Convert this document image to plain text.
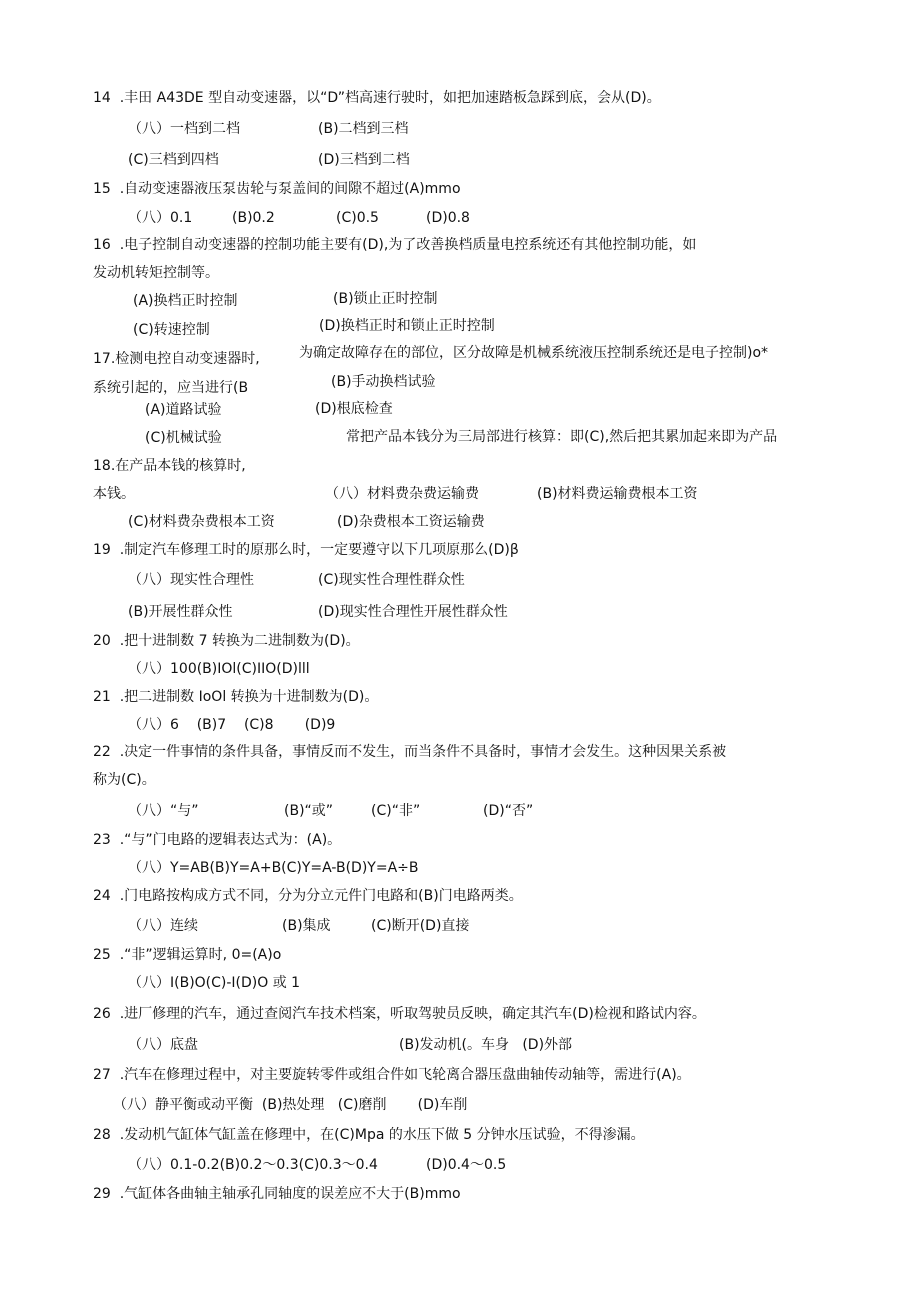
14  .丰田 A43DE 型自动变速器，以“D”档高速行驶时，如把加速踏板急踩到底，会从(D)。
（八）一档到二档	(B)二档到三档
(C)三档到四档	(D)三档到二档
15  .自动变速器液压泵齿轮与泵盖间的间隙不超过(A)mmo
（八）0.1	(B)0.2	(C)0.5	(D)0.8
16  .电子控制自动变速器的控制功能主要有(D),为了改善换档质量电控系统还有其他控制功能，如
发动机转矩控制等。
(A)换档正时控制	(B)锁止正时控制
(C)转速控制	(D)换档正时和锁止正时控制
17.检测电控自动变速器时,	为确定故障存在的部位，区分故障是机械系统液压控制系统还是电子控制)o*
系统引起的，应当进行(B	(B)手动换档试验
(A)道路试验	(D)根底检查
(C)机械试验	常把产品本钱分为三局部进行核算：即(C),然后把其累加起来即为产品
18.在产品本钱的核算时,
本钱。	（八）材料费杂费运输费	(B)材料费运输费根本工资
(C)材料费杂费根本工资	(D)杂费根本工资运输费
19  .制定汽车修理工时的原那么时，一定要遵守以下几项原那么(D)β
（八）现实性合理性	(C)现实性合理性群众性
(B)开展性群众性	(D)现实性合理性开展性群众性
20  .把十进制数 7 转换为二进制数为(D)。
（八）100(B)IOl(C)IIO(D)lll
21  .把二进制数 IoOl 转换为十进制数为(D)。
（八）6    (B)7    (C)8       (D)9
22  .决定一件事情的条件具备，事情反而不发生，而当条件不具备时，事情才会发生。这种因果关系被
称为(C)。
（八）“与”	(B)“或”	(C)“非”	(D)“否”
23  .“与”门电路的逻辑表达式为：(A)。
（八）Y=AB(B)Y=A+B(C)Y=A-B(D)Y=A÷B
24  .门电路按构成方式不同，分为分立元件门电路和(B)门电路两类。
（八）连续	(B)集成	(C)断开(D)直接
25  .“非”逻辑运算时, 0=(A)o
（八）I(B)O(C)-I(D)O 或 1
26  .进厂修理的汽车，通过查阅汽车技术档案，听取驾驶员反映，确定其汽车(D)检视和路试内容。
（八）底盘	(B)发动机(。车身   (D)外部
27  .汽车在修理过程中，对主要旋转零件或组合件如飞轮离合器压盘曲轴传动轴等，需进行(A)。
（八）静平衡或动平衡  (B)热处理   (C)磨削       (D)车削
28  .发动机气缸体气缸盖在修理中，在(C)Mpa 的水压下做 5 分钟水压试验，不得渗漏。
（八）0.1-0.2(B)0.2〜0.3(C)0.3〜0.4	(D)0.4〜0.5
29  .气缸体各曲轴主轴承孔同轴度的误差应不大于(B)mmo
